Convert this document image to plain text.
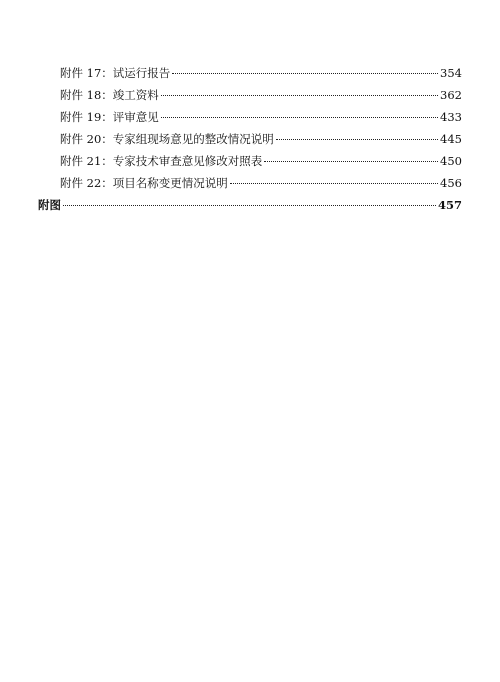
附件 17 ： 试运行报告	354
附件 18 ： 竣工资料	362
附件 19 ： 评审意见	433
附件 20 ： 专家组现场意见的整改情况说明	445
附件 21 ： 专家技术审查意见修改对照表	450
附件 22 ： 项目名称变更情况说明	456
附图	457
